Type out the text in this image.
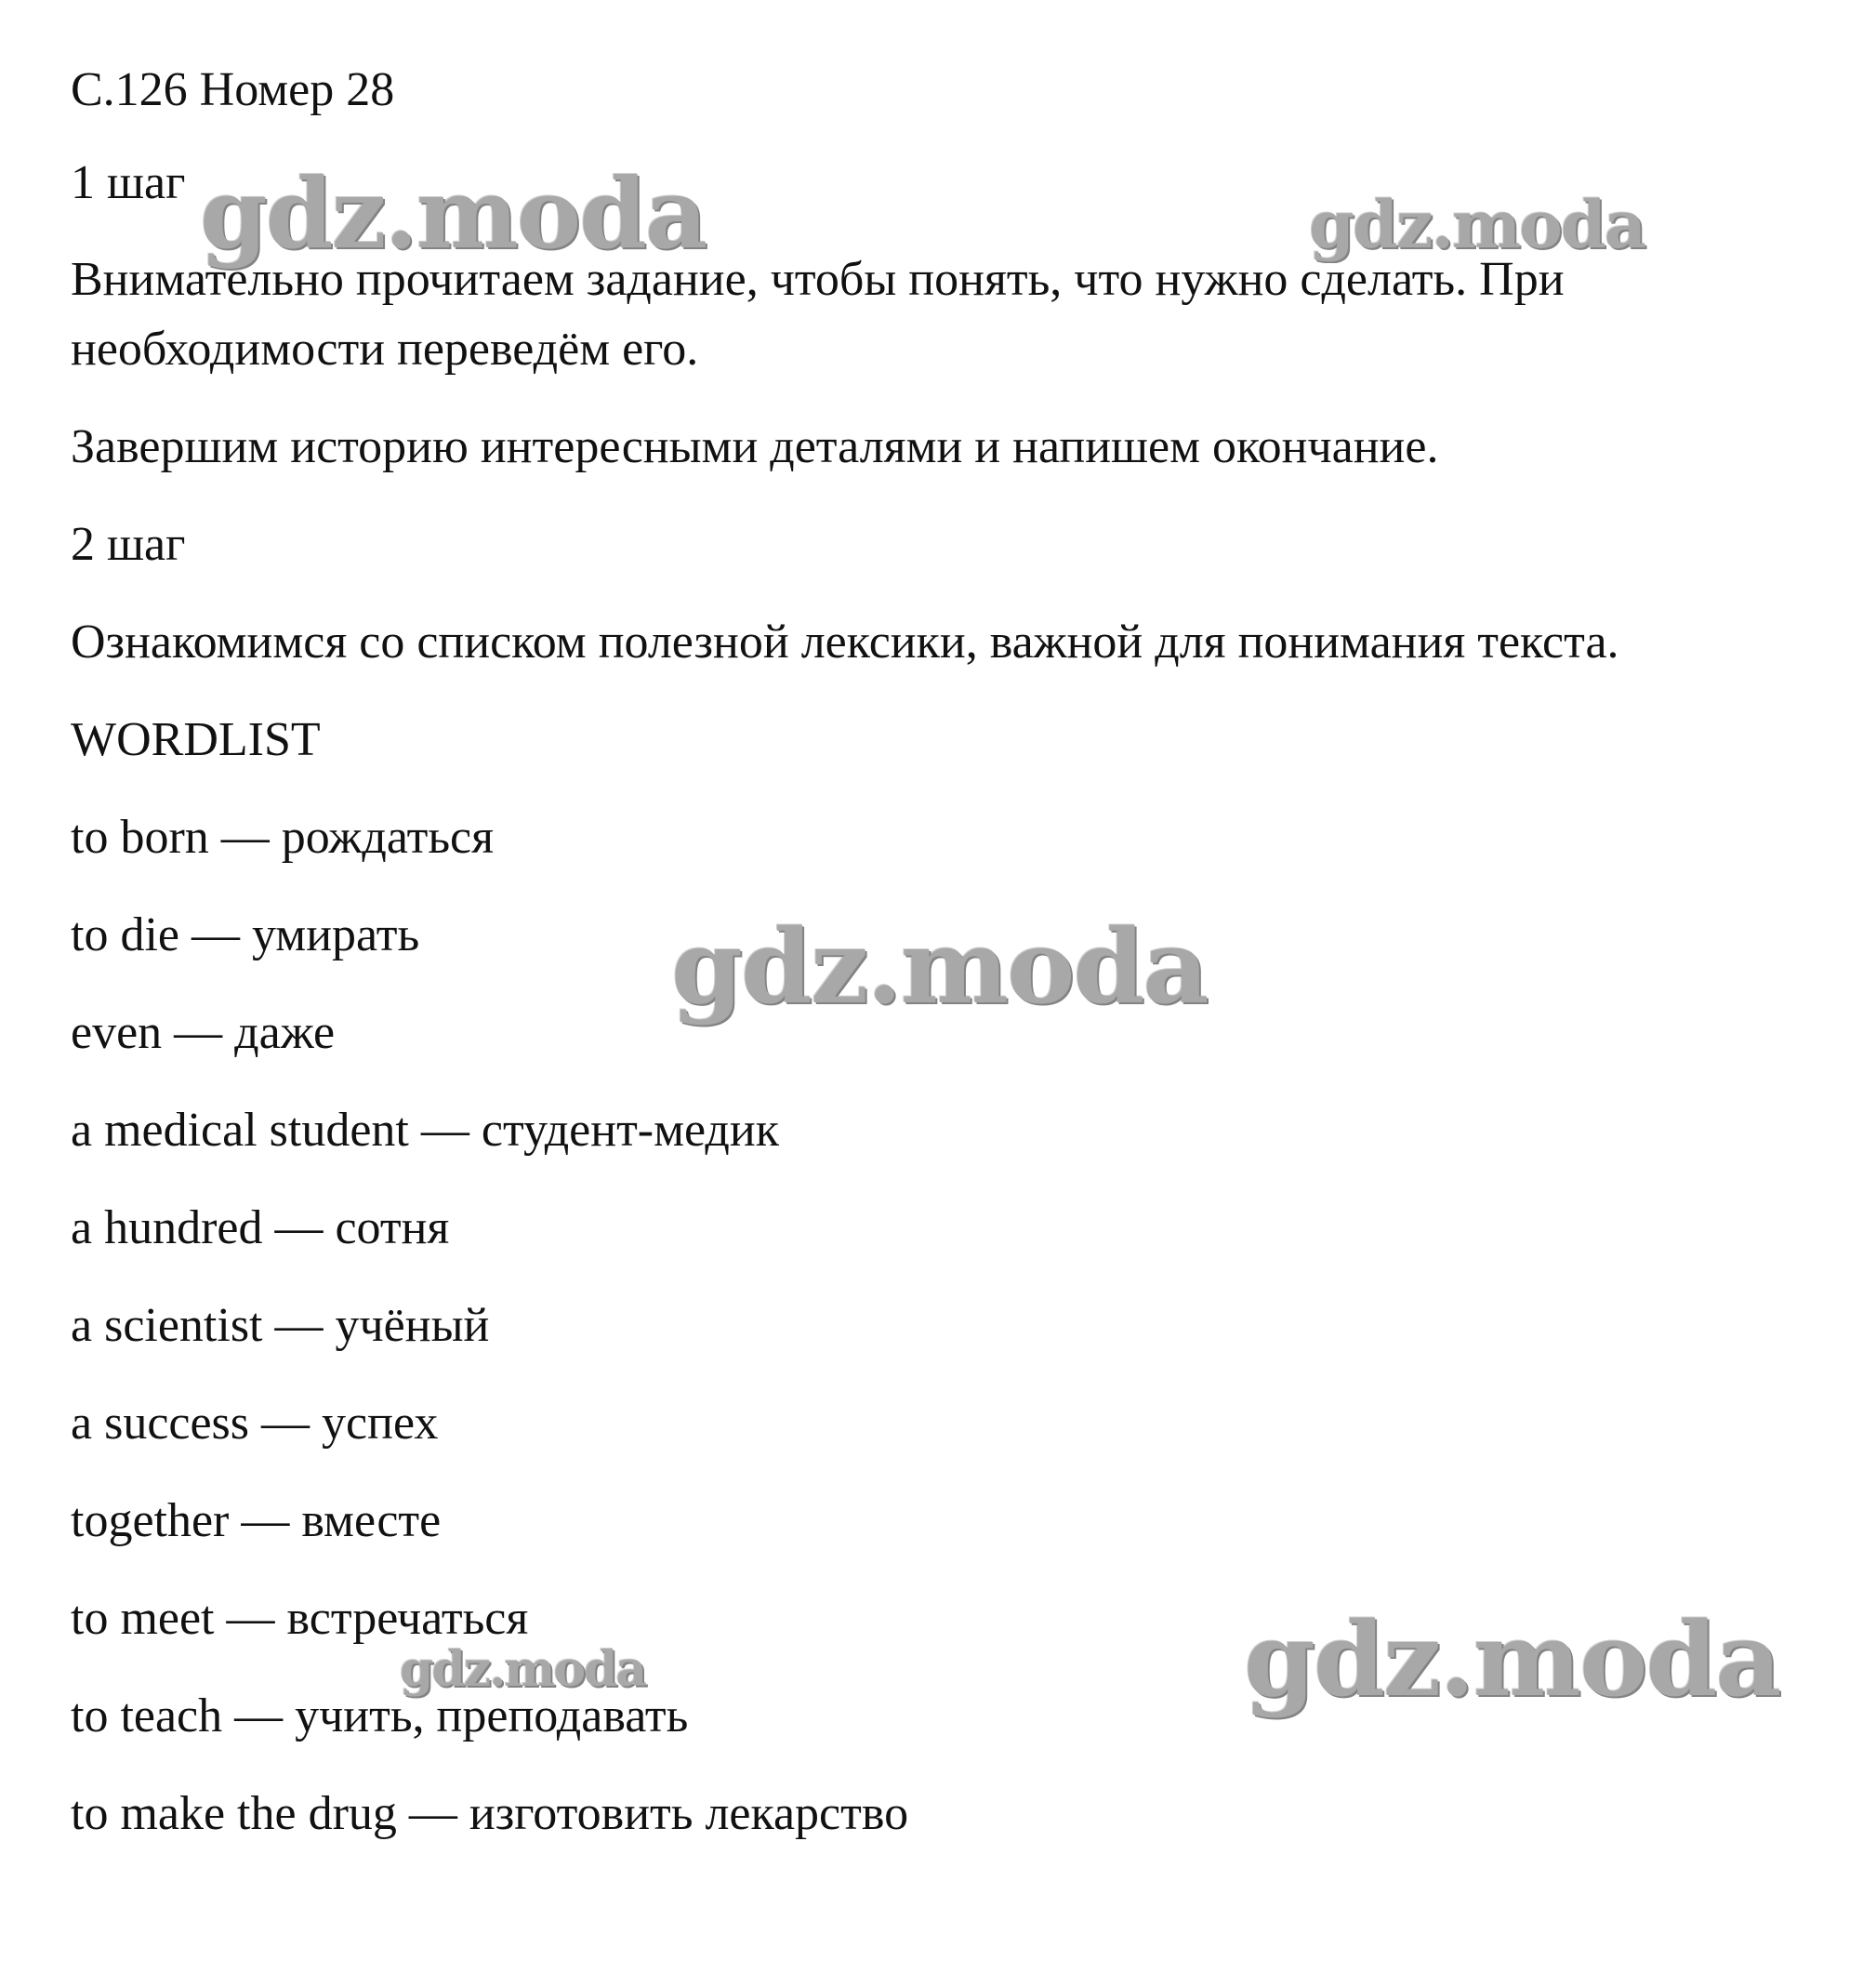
С.126 Номер 28

1 шаг

Внимательно прочитаем задание, чтобы понять, что нужно сделать. При

необходимости переведём его.

Завершим историю интересными деталями и напишем окончание.

2 шаг

Ознакомимся со списком полезной лексики, важной для понимания текста.

WORDLIST

to born — рождаться

to die — умирать

even — даже

a medical student — студент-медик

a hundred — сотня

a scientist — учёный

a success — успех

together — вместе

to meet — встречаться

to teach — учить, преподавать

to make the drug — изготовить лекарство

gdz.moda	gdz.moda
gdz.moda
gdz.moda	gdz.moda
